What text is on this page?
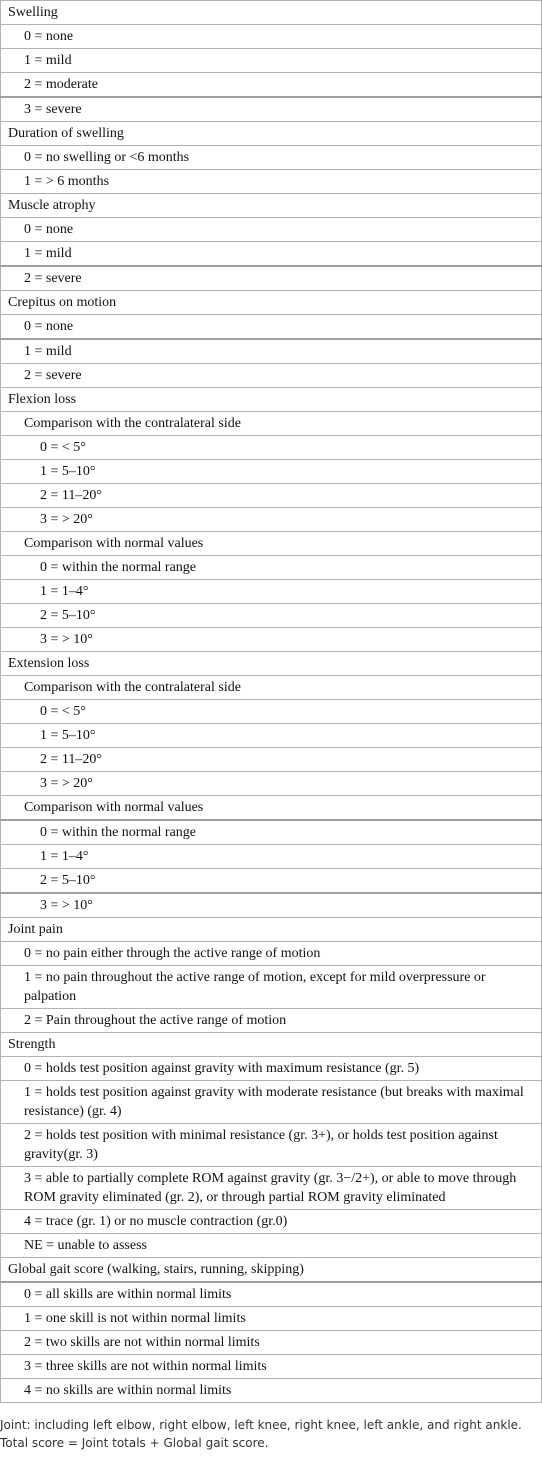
Swelling
0 = none
1 = mild
2 = moderate
3 = severe
Duration of swelling
0 = no swelling or <6 months
1 = > 6 months
Muscle atrophy
0 = none
1 = mild
2 = severe
Crepitus on motion
0 = none
1 = mild
2 = severe
Flexion loss
Comparison with the contralateral side
0 = < 5°
1 = 5–10°
2 = 11–20°
3 = > 20°
Comparison with normal values
0 = within the normal range
1 = 1–4°
2 = 5–10°
3 = > 10°
Extension loss
Comparison with the contralateral side
0 = < 5°
1 = 5–10°
2 = 11–20°
3 = > 20°
Comparison with normal values
0 = within the normal range
1 = 1–4°
2 = 5–10°
3 = > 10°
Joint pain
0 = no pain either through the active range of motion
1 = no pain throughout the active range of motion, except for mild overpressure or palpation
2 = Pain throughout the active range of motion
Strength
0 = holds test position against gravity with maximum resistance (gr. 5)
1 = holds test position against gravity with moderate resistance (but breaks with maximal resistance) (gr. 4)
2 = holds test position with minimal resistance (gr. 3+), or holds test position against gravity(gr. 3)
3 = able to partially complete ROM against gravity (gr. 3−/2+), or able to move through ROM gravity eliminated (gr. 2), or through partial ROM gravity eliminated
4 = trace (gr. 1) or no muscle contraction (gr.0)
NE = unable to assess
Global gait score (walking, stairs, running, skipping)
0 = all skills are within normal limits
1 = one skill is not within normal limits
2 = two skills are not within normal limits
3 = three skills are not within normal limits
4 = no skills are within normal limits

Joint: including left elbow, right elbow, left knee, right knee, left ankle, and right ankle.

Total score = Joint totals + Global gait score.
